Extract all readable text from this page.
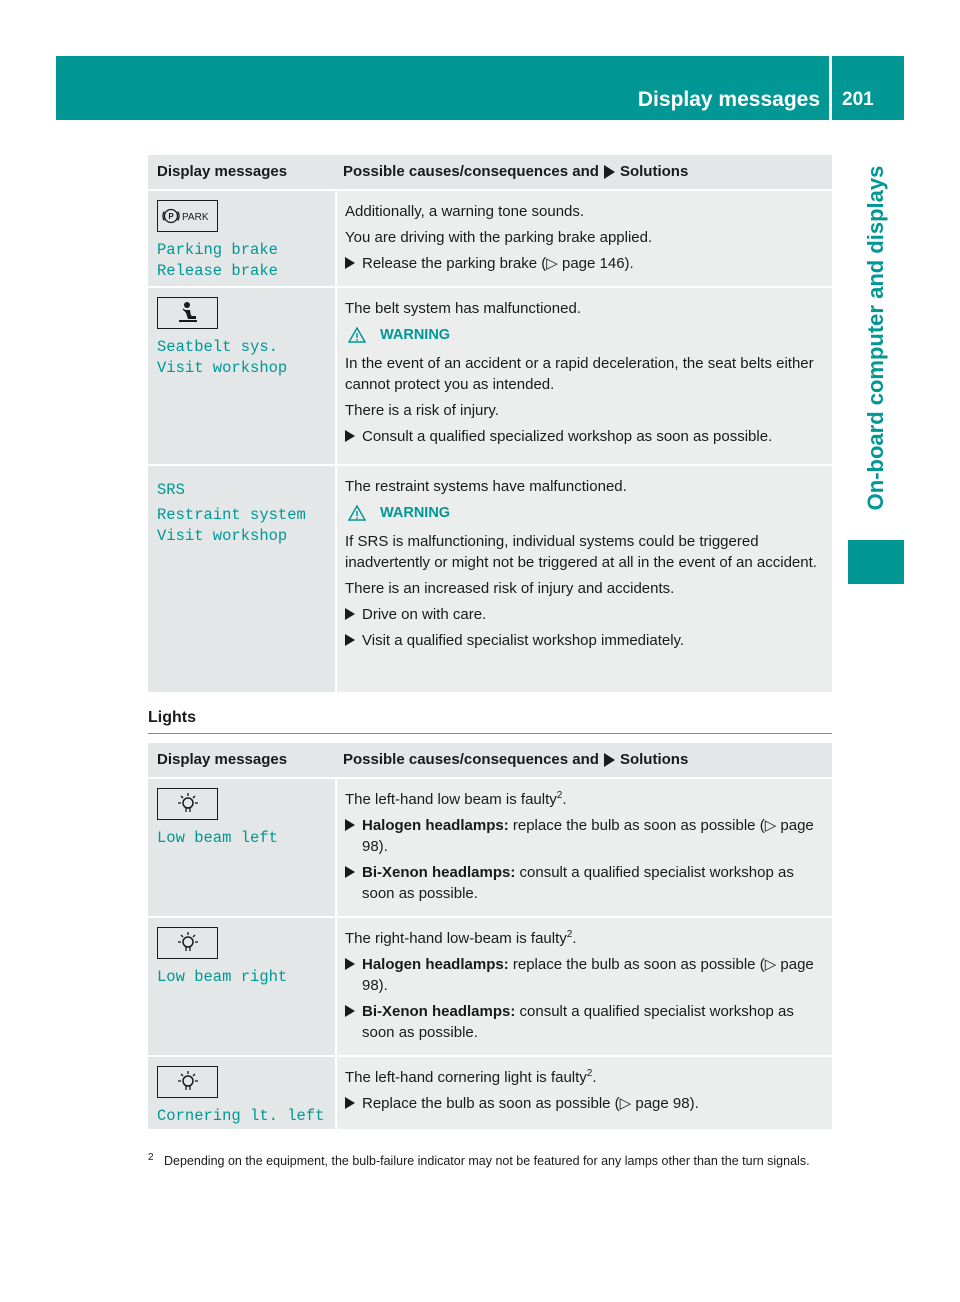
Display messages 201
On-board computer and displays
Display messages	Possible causes/consequences and Solutions
P PARK
Parking brake
Release brake

Additionally, a warning tone sounds.

You are driving with the parking brake applied.

Release the parking brake (▷ page 146).
Seatbelt sys.
Visit workshop

The belt system has malfunctioned.

WARNING

In the event of an accident or a rapid deceleration, the seat belts either cannot protect you as intended.

There is a risk of injury.

Consult a qualified specialized workshop as soon as possible.
SRS
Restraint system
Visit workshop

The restraint systems have malfunctioned.

WARNING

If SRS is malfunctioning, individual systems could be triggered inadvertently or might not be triggered at all in the event of an accident.

There is an increased risk of injury and accidents.

Drive on with care.
Visit a qualified specialist workshop immediately.
Lights
Display messages	Possible causes/consequences and Solutions
Low beam left

The left-hand low beam is faulty$^2$.

Halogen headlamps: replace the bulb as soon as possible (▷ page 98).
Bi-Xenon headlamps: consult a qualified specialist workshop as soon as possible.
Low beam right

The right-hand low-beam is faulty$^2$.

Halogen headlamps: replace the bulb as soon as possible (▷ page 98).
Bi-Xenon headlamps: consult a qualified specialist workshop as soon as possible.
Cornering lt. left

The left-hand cornering light is faulty$^2$.

Replace the bulb as soon as possible (▷ page 98).
2 Depending on the equipment, the bulb-failure indicator may not be featured for any lamps other than the turn signals.
